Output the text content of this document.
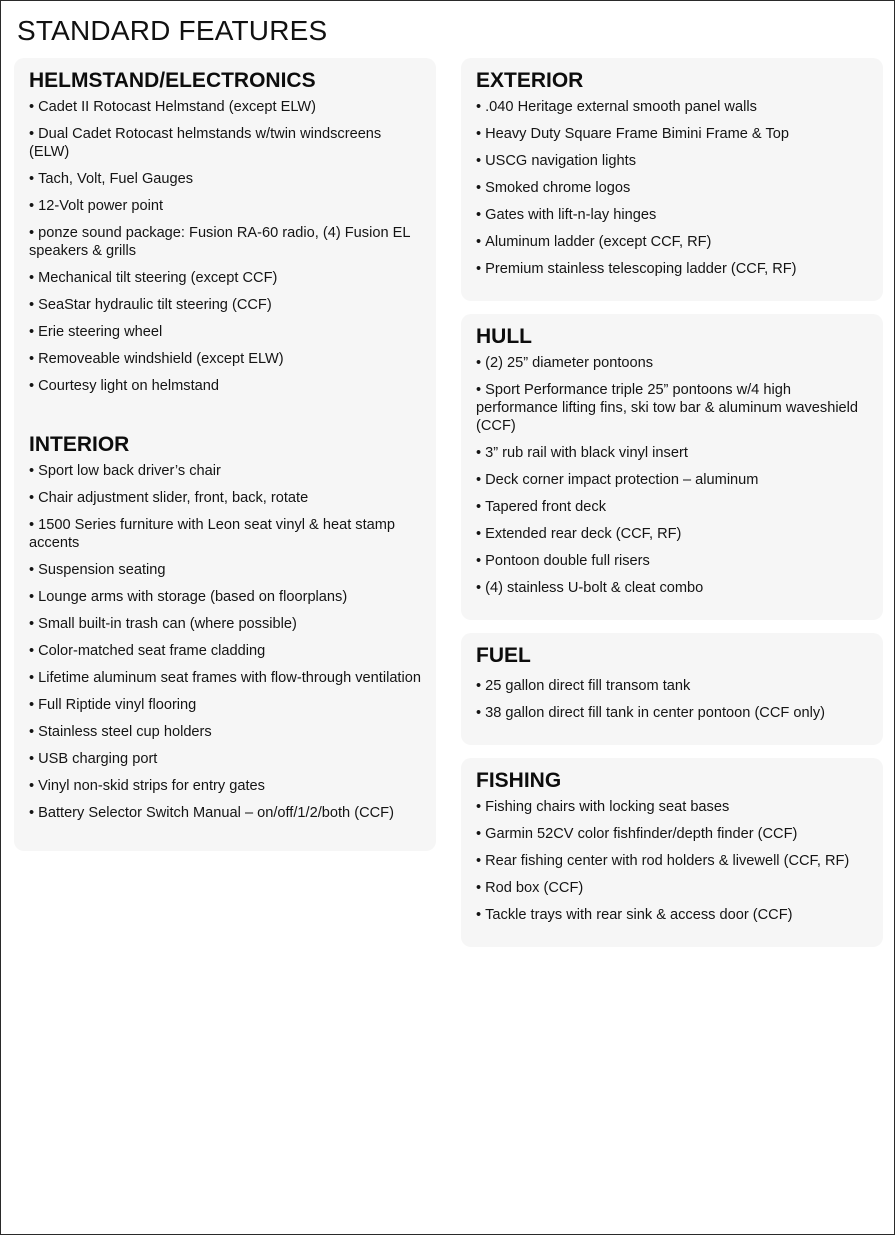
STANDARD FEATURES
HELMSTAND/ELECTRONICS
• Cadet II Rotocast Helmstand (except ELW)
• Dual Cadet Rotocast helmstands w/twin windscreens (ELW)
• Tach, Volt, Fuel Gauges
• 12-Volt power point
• ponze sound package: Fusion RA-60 radio, (4) Fusion EL speakers & grills
• Mechanical tilt steering (except CCF)
• SeaStar hydraulic tilt steering (CCF)
• Erie steering wheel
• Removeable windshield (except ELW)
• Courtesy light on helmstand
INTERIOR
• Sport low back driver’s chair
• Chair adjustment slider, front, back, rotate
• 1500 Series furniture with Leon seat vinyl & heat stamp accents
• Suspension seating
• Lounge arms with storage (based on floorplans)
• Small built-in trash can (where possible)
• Color-matched seat frame cladding
• Lifetime aluminum seat frames with flow-through ventilation
• Full Riptide vinyl flooring
• Stainless steel cup holders
• USB charging port
• Vinyl non-skid strips for entry gates
• Battery Selector Switch Manual – on/off/1/2/both (CCF)
EXTERIOR
• .040 Heritage external smooth panel walls
• Heavy Duty Square Frame Bimini Frame & Top
• USCG navigation lights
• Smoked chrome logos
• Gates with lift-n-lay hinges
• Aluminum ladder (except CCF, RF)
• Premium stainless telescoping ladder (CCF, RF)
HULL
• (2) 25” diameter pontoons
• Sport Performance triple 25” pontoons w/4 high performance lifting fins, ski tow bar & aluminum waveshield (CCF)
• 3” rub rail with black vinyl insert
• Deck corner impact protection – aluminum
• Tapered front deck
• Extended rear deck (CCF, RF)
• Pontoon double full risers
• (4) stainless U-bolt & cleat combo
FUEL
• 25 gallon direct fill transom tank
• 38 gallon direct fill tank in center pontoon (CCF only)
FISHING
• Fishing chairs with locking seat bases
• Garmin 52CV color fishfinder/depth finder (CCF)
• Rear fishing center with rod holders & livewell (CCF, RF)
• Rod box (CCF)
• Tackle trays with rear sink & access door (CCF)
